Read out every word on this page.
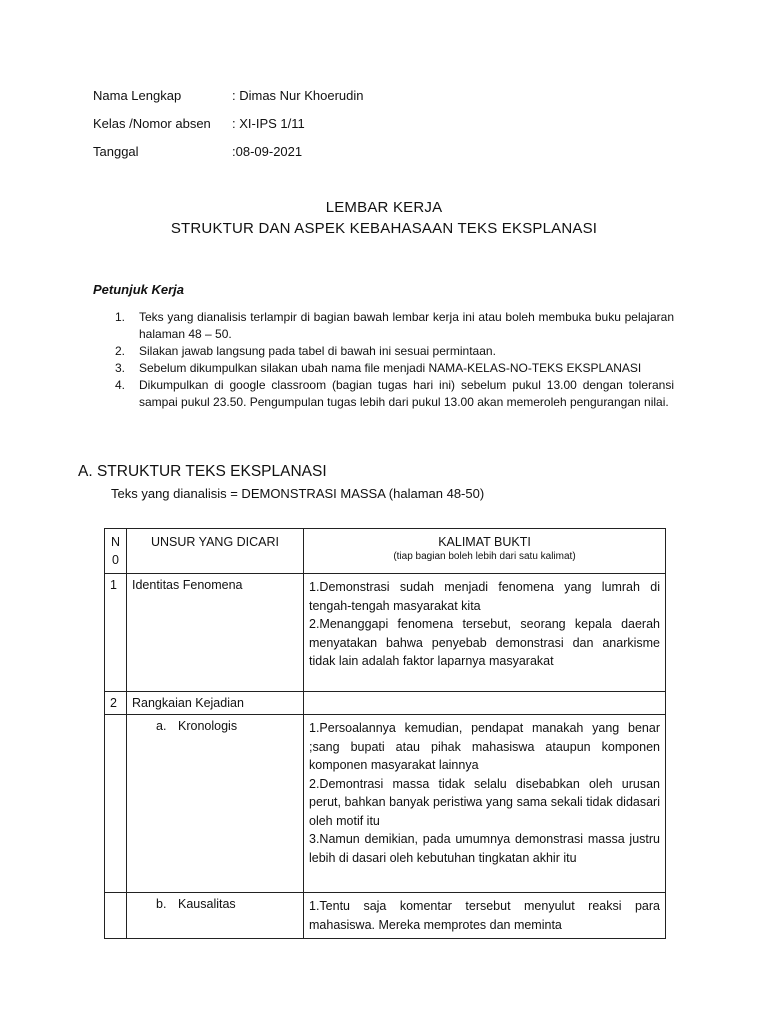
Nama Lengkap	: Dimas Nur Khoerudin
Kelas /Nomor absen : XI-IPS 1/11
Tanggal	:08-09-2021
LEMBAR KERJA
STRUKTUR DAN ASPEK KEBAHASAAN TEKS EKSPLANASI
Petunjuk Kerja
1. Teks yang dianalisis terlampir di bagian bawah lembar kerja ini atau boleh membuka buku pelajaran halaman 48 – 50.
2. Silakan jawab langsung pada tabel di bawah ini sesuai permintaan.
3. Sebelum dikumpulkan silakan ubah nama file menjadi NAMA-KELAS-NO-TEKS EKSPLANASI
4. Dikumpulkan di google classroom (bagian tugas hari ini) sebelum pukul 13.00 dengan toleransi sampai pukul 23.50. Pengumpulan tugas lebih dari pukul 13.00 akan memeroleh pengurangan nilai.
A. STRUKTUR TEKS EKSPLANASI
Teks yang dianalisis = DEMONSTRASI MASSA (halaman 48-50)
N
0	UNSUR YANG DICARI	KALIMAT BUKTI
(tiap bagian boleh lebih dari satu kalimat)

1	Identitas Fenomena	1.Demonstrasi sudah menjadi fenomena yang lumrah di tengah-tengah masyarakat kita

2.Menanggapi fenomena tersebut, seorang kepala daerah menyatakan bahwa penyebab demonstrasi dan anarkisme tidak lain adalah faktor laparnya masyarakat

2	Rangkaian Kejadian	
	a. Kronologis	1.Persoalannya kemudian, pendapat manakah yang benar ;sang bupati atau pihak mahasiswa ataupun komponen komponen masyarakat lainnya

2.Demontrasi massa tidak selalu disebabkan oleh urusan perut, bahkan banyak peristiwa yang sama sekali tidak didasari oleh motif itu

3.Namun demikian, pada umumnya demonstrasi massa justru lebih di dasari oleh kebutuhan tingkatan akhir itu

	b. Kausalitas	1.Tentu saja komentar tersebut menyulut reaksi para mahasiswa. Mereka memprotes dan meminta
